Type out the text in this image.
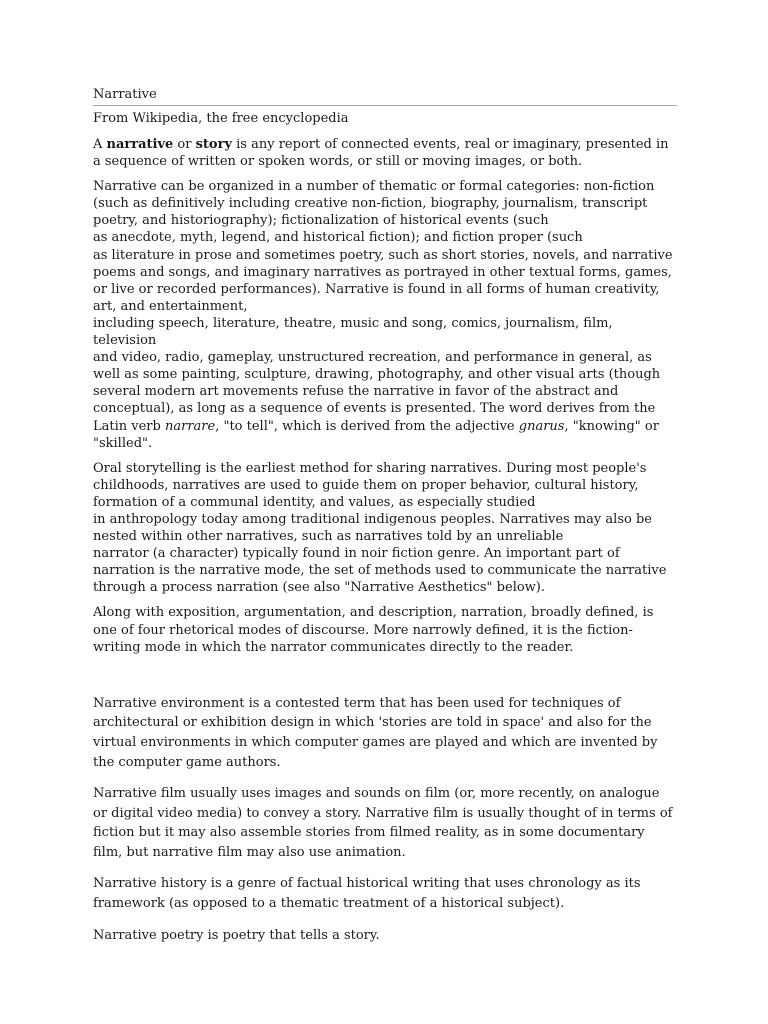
Narrative
From Wikipedia, the free encyclopedia

A narrative or story is any report of connected events, real or imaginary, presented in
a sequence of written or spoken words, or still or moving images, or both.

Narrative can be organized in a number of thematic or formal categories: non-fiction
(such as definitively including creative non-fiction, biography, journalism, transcript
poetry, and historiography); fictionalization of historical events (such
as anecdote, myth, legend, and historical fiction); and fiction proper (such
as literature in prose and sometimes poetry, such as short stories, novels, and narrative
poems and songs, and imaginary narratives as portrayed in other textual forms, games,
or live or recorded performances). Narrative is found in all forms of human creativity,
art, and entertainment,
including speech, literature, theatre, music and song, comics, journalism, film, television
and video, radio, gameplay, unstructured recreation, and performance in general, as
well as some painting, sculpture, drawing, photography, and other visual arts (though
several modern art movements refuse the narrative in favor of the abstract and
conceptual), as long as a sequence of events is presented. The word derives from the
Latin verb narrare, "to tell", which is derived from the adjective gnarus, "knowing" or
"skilled".

Oral storytelling is the earliest method for sharing narratives. During most people's
childhoods, narratives are used to guide them on proper behavior, cultural history,
formation of a communal identity, and values, as especially studied
in anthropology today among traditional indigenous peoples. Narratives may also be
nested within other narratives, such as narratives told by an unreliable
narrator (a character) typically found in noir fiction genre. An important part of
narration is the narrative mode, the set of methods used to communicate the narrative
through a process narration (see also "Narrative Aesthetics" below).

Along with exposition, argumentation, and description, narration, broadly defined, is
one of four rhetorical modes of discourse. More narrowly defined, it is the fiction-
writing mode in which the narrator communicates directly to the reader.

Narrative environment is a contested term that has been used for techniques of
architectural or exhibition design in which 'stories are told in space' and also for the
virtual environments in which computer games are played and which are invented by
the computer game authors.

Narrative film usually uses images and sounds on film (or, more recently, on analogue
or digital video media) to convey a story. Narrative film is usually thought of in terms of
fiction but it may also assemble stories from filmed reality, as in some documentary
film, but narrative film may also use animation.

Narrative history is a genre of factual historical writing that uses chronology as its
framework (as opposed to a thematic treatment of a historical subject).

Narrative poetry is poetry that tells a story.
